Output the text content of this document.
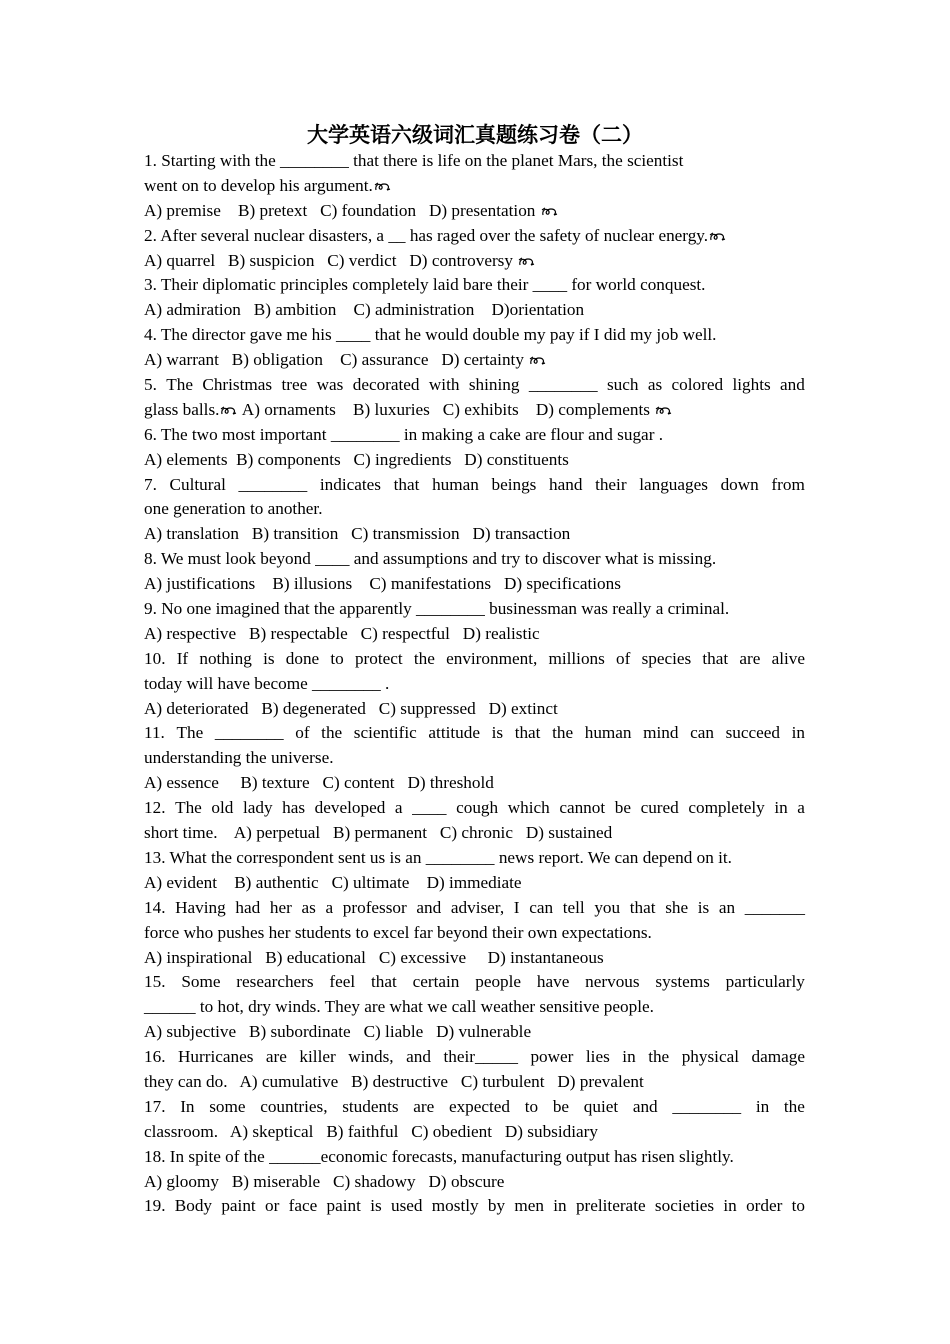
大学英语六级词汇真题练习卷（二）
1. Starting with the ________ that there is life on the planet Mars, the scientist
went on to develop his argument.
A) premise    B) pretext   C) foundation   D) presentation
2. After several nuclear disasters, a __ has raged over the safety of nuclear energy.
A) quarrel   B) suspicion   C) verdict   D) controversy
3. Their diplomatic principles completely laid bare their ____ for world conquest.
A) admiration   B) ambition    C) administration    D)orientation
4. The director gave me his ____ that he would double my pay if I did my job well.
A) warrant   B) obligation    C) assurance   D) certainty
5. The Christmas tree was decorated with shining ________ such as colored lights and
glass balls.
A) ornaments    B) luxuries   C) exhibits    D) complements
6. The two most important ________ in making a cake are flour and sugar .
A) elements  B) components   C) ingredients   D) constituents
7. Cultural ________ indicates that human beings hand their languages down from
one generation to another.
A) translation   B) transition   C) transmission   D) transaction
8. We must look beyond ____ and assumptions and try to discover what is missing.
A) justifications    B) illusions    C) manifestations   D) specifications
9. No one imagined that the apparently ________ businessman was really a criminal.
A) respective   B) respectable   C) respectful   D) realistic
10. If nothing is done to protect the environment, millions of species that are alive
today will have become ________ .
A) deteriorated   B) degenerated   C) suppressed   D) extinct
11. The ________ of the scientific attitude is that the human mind can succeed in
understanding the universe.
A) essence     B) texture   C) content   D) threshold
12. The old lady has developed a ____ cough which cannot be cured completely in a
short time.    A) perpetual   B) permanent   C) chronic   D) sustained
13. What the correspondent sent us is an ________ news report. We can depend on it.
A) evident    B) authentic   C) ultimate    D) immediate
14. Having had her as a professor and adviser, I can tell you that she is an _______
force who pushes her students to excel far beyond their own expectations.
A) inspirational   B) educational   C) excessive     D) instantaneous
15. Some researchers feel that certain people have nervous systems particularly
______ to hot, dry winds. They are what we call weather sensitive people.
A) subjective   B) subordinate   C) liable   D) vulnerable
16. Hurricanes are killer winds, and their_____ power lies in the physical damage
they can do.   A) cumulative   B) destructive   C) turbulent   D) prevalent
17. In some countries, students are expected to be quiet and ________ in the
classroom.   A) skeptical   B) faithful   C) obedient   D) subsidiary
18. In spite of the ______economic forecasts, manufacturing output has risen slightly.
A) gloomy   B) miserable   C) shadowy   D) obscure
19. Body paint or face paint is used mostly by men in preliterate societies in order to
